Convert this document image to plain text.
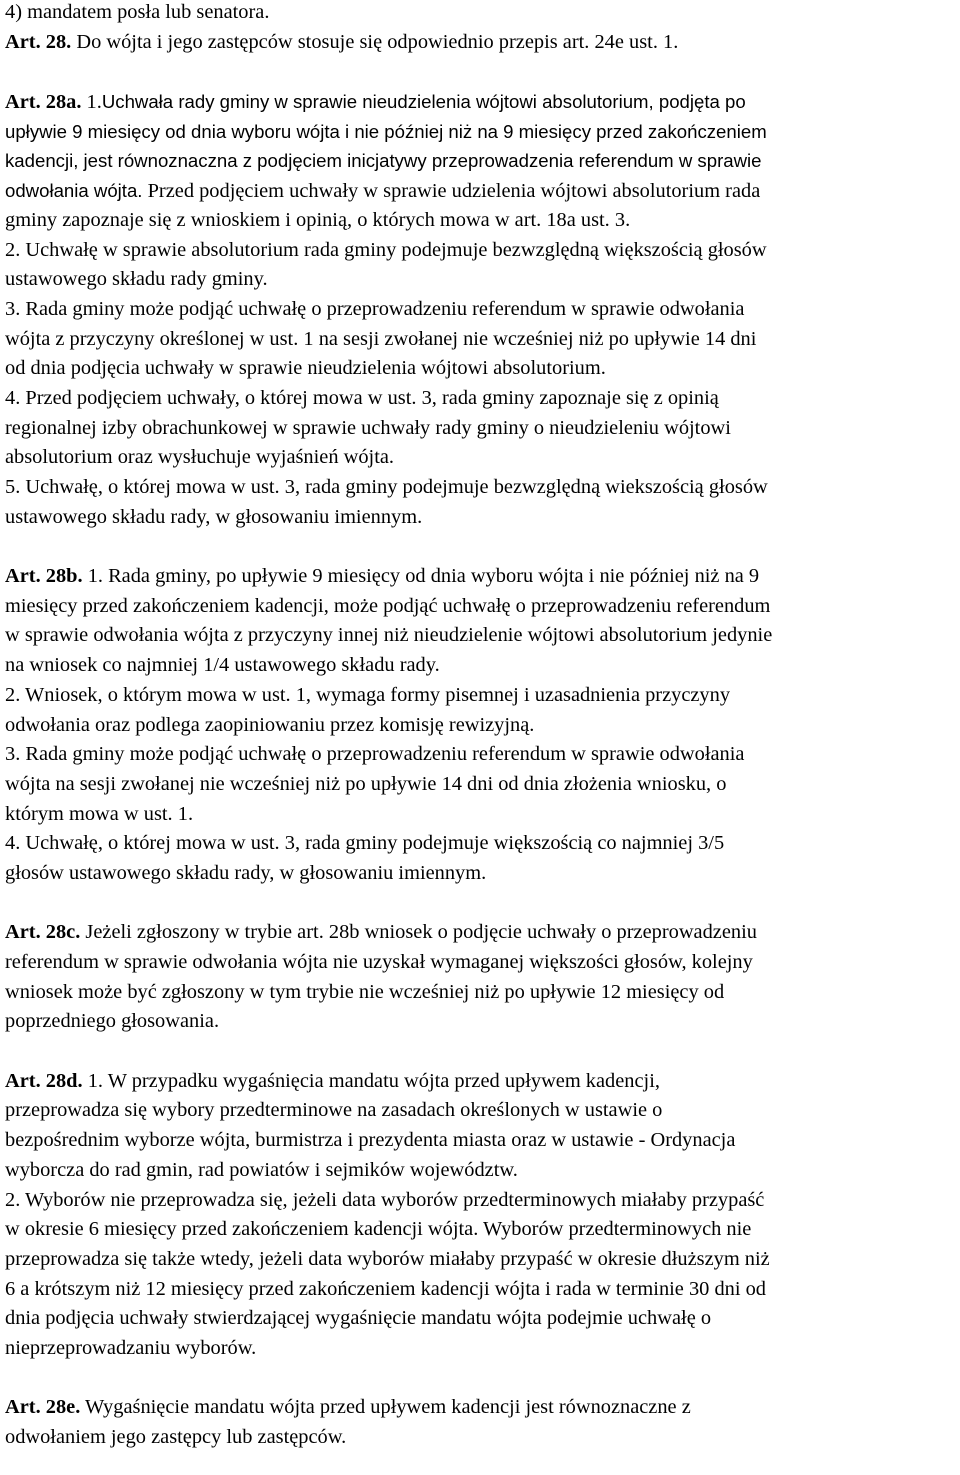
4) mandatem posła lub senatora.
Art. 28. Do wójta i jego zastępców stosuje się odpowiednio przepis art. 24e ust. 1.
Art. 28a. 1.Uchwała rady gminy w sprawie nieudzielenia wójtowi absolutorium, podjęta po
upływie 9 miesięcy od dnia wyboru wójta i nie później niż na 9 miesięcy przed zakończeniem
kadencji, jest równoznaczna z podjęciem inicjatywy przeprowadzenia referendum w sprawie
odwołania wójta. Przed podjęciem uchwały w sprawie udzielenia wójtowi absolutorium rada
gminy zapoznaje się z wnioskiem i opinią, o których mowa w art. 18a ust. 3.
2. Uchwałę w sprawie absolutorium rada gminy podejmuje bezwzględną większością głosów
ustawowego składu rady gminy.
3. Rada gminy może podjąć uchwałę o przeprowadzeniu referendum w sprawie odwołania
wójta z przyczyny określonej w ust. 1 na sesji zwołanej nie wcześniej niż po upływie 14 dni
od dnia podjęcia uchwały w sprawie nieudzielenia wójtowi absolutorium.
4. Przed podjęciem uchwały, o której mowa w ust. 3, rada gminy zapoznaje się z opinią
regionalnej izby obrachunkowej w sprawie uchwały rady gminy o nieudzieleniu wójtowi
absolutorium oraz wysłuchuje wyjaśnień wójta.
5. Uchwałę, o której mowa w ust. 3, rada gminy podejmuje bezwzględną wiekszością głosów
ustawowego składu rady, w głosowaniu imiennym.
Art. 28b. 1. Rada gminy, po upływie 9 miesięcy od dnia wyboru wójta i nie później niż na 9
miesięcy przed zakończeniem kadencji, może podjąć uchwałę o przeprowadzeniu referendum
w sprawie odwołania wójta z przyczyny innej niż nieudzielenie wójtowi absolutorium jedynie
na wniosek co najmniej 1/4 ustawowego składu rady.
2. Wniosek, o którym mowa w ust. 1, wymaga formy pisemnej i uzasadnienia przyczyny
odwołania oraz podlega zaopiniowaniu przez komisję rewizyjną.
3. Rada gminy może podjąć uchwałę o przeprowadzeniu referendum w sprawie odwołania
wójta na sesji zwołanej nie wcześniej niż po upływie 14 dni od dnia złożenia wniosku, o
którym mowa w ust. 1.
4. Uchwałę, o której mowa w ust. 3, rada gminy podejmuje większością co najmniej 3/5
głosów ustawowego składu rady, w głosowaniu imiennym.
Art. 28c. Jeżeli zgłoszony w trybie art. 28b wniosek o podjęcie uchwały o przeprowadzeniu
referendum w sprawie odwołania wójta nie uzyskał wymaganej większości głosów, kolejny
wniosek może być zgłoszony w tym trybie nie wcześniej niż po upływie 12 miesięcy od
poprzedniego głosowania.
Art. 28d. 1. W przypadku wygaśnięcia mandatu wójta przed upływem kadencji,
przeprowadza się wybory przedterminowe na zasadach określonych w ustawie o
bezpośrednim wyborze wójta, burmistrza i prezydenta miasta oraz w ustawie - Ordynacja
wyborcza do rad gmin, rad powiatów i sejmików województw.
2. Wyborów nie przeprowadza się, jeżeli data wyborów przedterminowych miałaby przypaść
w okresie 6 miesięcy przed zakończeniem kadencji wójta. Wyborów przedterminowych nie
przeprowadza się także wtedy, jeżeli data wyborów miałaby przypaść w okresie dłuższym niż
6 a krótszym niż 12 miesięcy przed zakończeniem kadencji wójta i rada w terminie 30 dni od
dnia podjęcia uchwały stwierdzającej wygaśnięcie mandatu wójta podejmie uchwałę o
nieprzeprowadzaniu wyborów.
Art. 28e. Wygaśnięcie mandatu wójta przed upływem kadencji jest równoznaczne z
odwołaniem jego zastępcy lub zastępców.
